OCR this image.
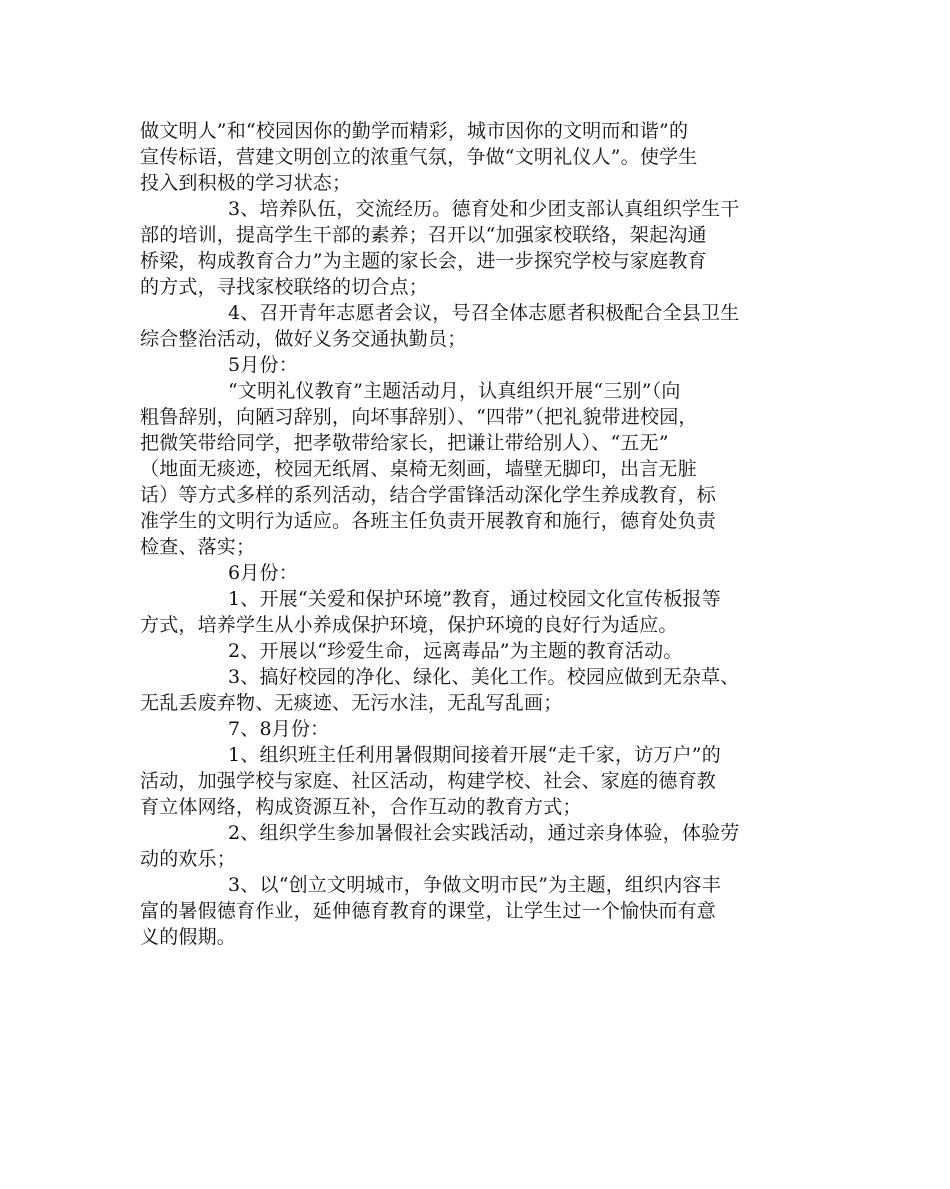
做文明人”和“校园因你的勤学而精彩，城市因你的文明而和谐”的
宣传标语，营建文明创立的浓重气氛，争做“文明礼仪人”。使学生
投入到积极的学习状态；
3、培养队伍，交流经历。德育处和少团支部认真组织学生干
部的培训，提高学生干部的素养；召开以“加强家校联络，架起沟通
桥梁，构成教育合力”为主题的家长会，进一步探究学校与家庭教育
的方式，寻找家校联络的切合点；
4、召开青年志愿者会议，号召全体志愿者积极配合全县卫生
综合整治活动，做好义务交通执勤员；
5月份：
“文明礼仪教育”主题活动月，认真组织开展“三别”（向
粗鲁辞别，向陋习辞别，向坏事辞别）、“四带”（把礼貌带进校园，
把微笑带给同学，把孝敬带给家长，把谦让带给别人）、“五无”
（地面无痰迹，校园无纸屑、桌椅无刻画，墙壁无脚印，出言无脏
话）等方式多样的系列活动，结合学雷锋活动深化学生养成教育，标
准学生的文明行为适应。各班主任负责开展教育和施行，德育处负责
检查、落实；
6月份：
1、开展“关爱和保护环境”教育，通过校园文化宣传板报等
方式，培养学生从小养成保护环境，保护环境的良好行为适应。
2、开展以“珍爱生命，远离毒品”为主题的教育活动。
3、搞好校园的净化、绿化、美化工作。校园应做到无杂草、
无乱丢废弃物、无痰迹、无污水洼，无乱写乱画；
7、8月份：
1、组织班主任利用暑假期间接着开展“走千家，访万户”的
活动，加强学校与家庭、社区活动，构建学校、社会、家庭的德育教
育立体网络，构成资源互补，合作互动的教育方式；
2、组织学生参加暑假社会实践活动，通过亲身体验，体验劳
动的欢乐；
3、以“创立文明城市，争做文明市民”为主题，组织内容丰
富的暑假德育作业，延伸德育教育的课堂，让学生过一个愉快而有意
义的假期。
